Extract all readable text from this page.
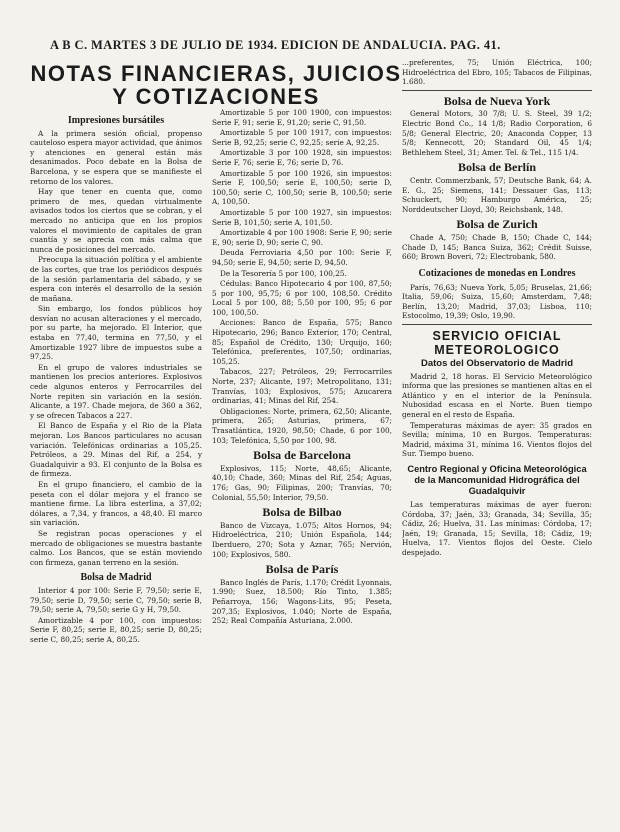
A B C. MARTES 3 DE JULIO DE 1934. EDICION DE ANDALUCIA. PAG. 41.
NOTAS FINANCIERAS, JUICIOS Y COTIZACIONES
Impresiones bursátiles

A la primera sesión oficial, propenso cauteloso espera mayor actividad, que ánimos y atenciones en general están más desanimados. Poco debate en la Bolsa de Barcelona, y se espera que se manifieste el retorno de los valores.

Hay que tener en cuenta que, como primero de mes, quedan virtualmente avisados todos los ciertos que se cobran, y el mercado no anticipa que en los propios valores el movimiento de capitales de gran cuantía y se aprecia con más calma que nunca de posiciones del mercado.

Preocupa la situación política y el ambiente de las cortes, que trae los periódicos después de la sesión parlamentaria del sábado, y se espera con interés el desarrollo de la sesión de mañana.

Sin embargo, los fondos públicos hoy desvían no acusan alteraciones y el mercado, por su parte, ha mejorado. El Interior, que estaba en 77,40, termina en 77,50, y el Amortizable 1927 libre de impuestos sube a 97,25.

En el grupo de valores industriales se mantienen los precios anteriores. Explosivos cede algunos enteros y Ferrocarriles del Norte repiten sin variación en la sesión. Alicante, a 197. Chade mejora, de 360 a 362, y se ofrecen Tabacos a 227.

El Banco de España y el Rio de la Plata mejoran. Los Bancos particulares no acusan variación. Telefónicas ordinarias a 105,25. Petróleos, a 29. Minas del Rif, a 254, y Guadalquivir a 93. El conjunto de la Bolsa es de firmeza.

En el grupo financiero, el cambio de la peseta con el dólar mejora y el franco se mantiene firme. La libra esterlina, a 37,02; dólares, a 7,34, y francos, a 48,40. El marco sin variación.

Se registran pocas operaciones y el mercado de obligaciones se muestra bastante calmo. Los Bancos, que se están moviendo con firmeza, ganan terreno en la sesión.

Bolsa de Madrid

Interior 4 por 100: Serie F, 79,50; serie E, 79,50; serie D, 79,50; serie C, 79,50; serie B, 79,50; serie A, 79,50; serie G y H, 79,50.

Amortizable 4 por 100, con impuestos: Serie F, 80,25; serie E, 80,25; serie D, 80,25; serie C, 80,25; serie A, 80,25.

Amortizable 5 por 100 1900, con impuestos: Serie F, 91; serie E, 91,20; serie C, 91,50.

Amortizable 5 por 100 1917, con impuestos: Serie B, 92,25; serie C, 92,25; serie A, 92,25.

Amortizable 3 por 100 1928, sin impuestos: Serie F, 76; serie E, 76; serie D, 76.

Amortizable 5 por 100 1926, sin impuestos: Serie F, 100,50; serie E, 100,50; serie D, 100,50; serie C, 100,50; serie B, 100,50; serie A, 100,50.

Amortizable 5 por 100 1927, sin impuestos: Serie B, 101,50; serie A, 101,50.

Amortizable 4 por 100 1908: Serie F, 90; serie E, 90; serie D, 90; serie C, 90.

Deuda Ferroviaria 4,50 por 100: Serie F, 94,50; serie E, 94,50; serie D, 94,50.

De la Tesorería 5 por 100, 100,25.

Cédulas: Banco Hipotecario 4 por 100, 87,50; 5 por 100, 95,75; 6 por 100, 108,50. Crédito Local 5 por 100, 88; 5,50 por 100, 95; 6 por 100, 100,50.

Acciones: Banco de España, 575; Banco Hipotecario, 296; Banco Exterior, 170; Central, 85; Español de Crédito, 130; Urquijo, 160; Telefónica, preferentes, 107,50; ordinarias, 105,25.

Tabacos, 227; Petróleos, 29; Ferrocarriles Norte, 237; Alicante, 197; Metropolitano, 131; Tranvías, 103; Explosivos, 575; Azucarera ordinarias, 41; Minas del Rif, 254.

Obligaciones: Norte, primera, 62,50; Alicante, primera, 265; Asturias, primera, 67; Trasatlántica, 1920, 98,50; Chade, 6 por 100, 103; Telefónica, 5,50 por 100, 98.

Bolsa de Barcelona

Explosivos, 115; Norte, 48,65; Alicante, 40,10; Chade, 360; Minas del Rif, 254; Aguas, 176; Gas, 90; Filipinas, 200; Tranvías, 70; Colonial, 55,50; Interior, 79,50.

Bolsa de Bilbao

Banco de Vizcaya, 1.075; Altos Hornos, 94; Hidroeléctrica, 210; Unión Española, 144; Iberduero, 270; Sota y Aznar, 765; Nervión, 100; Explosivos, 580.

Bolsa de París

Banco Inglés de París, 1.170; Crédit Lyonnais, 1.990; Suez, 18.500; Río Tinto, 1.385; Peñarroya, 156; Wagons-Lits, 95; Peseta, 207,35; Explosivos, 1.040; Norte de España, 252; Real Compañía Asturiana, 2.000.

...preferentes, 75; Unión Eléctrica, 100; Hidroeléctrica del Ebro, 105; Tabacos de Filipinas, 1.680.

Bolsa de Nueva York

General Motors, 30 7/8; U. S. Steel, 39 1/2; Electric Bond Co., 14 1/8; Radio Corporation, 6 5/8; General Electric, 20; Anaconda Copper, 13 5/8; Kennecott, 20; Standard Oil, 45 1/4; Bethlehem Steel, 31; Amer. Tel. & Tel., 115 1/4.

Bolsa de Berlín

Centr. Commerzbank, 57; Deutsche Bank, 64; A. E. G., 25; Siemens, 141; Dessauer Gas, 113; Schuckert, 90; Hamburgo América, 25; Norddeutscher Lloyd, 30; Reichsbank, 148.

Bolsa de Zurich

Chade A, 750; Chade B, 150; Chade C, 144; Chade D, 145; Banca Suiza, 362; Crédit Suisse, 660; Brown Boveri, 72; Electrobank, 580.

Cotizaciones de monedas en Londres

París, 76,63; Nueva York, 5,05; Bruselas, 21,66; Italia, 59,06; Suiza, 15,60; Amsterdam, 7,48; Berlín, 13,20; Madrid, 37,03; Lisboa, 110; Estocolmo, 19,39; Oslo, 19,90.

SERVICIO OFICIAL METEOROLOGICO
Datos del Observatorio de Madrid

Madrid 2, 18 horas. El Servicio Meteorológico informa que las presiones se mantienen altas en el Atlántico y en el interior de la Península. Nubosidad escasa en el Norte. Buen tiempo general en el resto de España.

Temperaturas máximas de ayer: 35 grados en Sevilla; mínima, 10 en Burgos. Temperaturas: Madrid, máxima 31, mínima 16. Vientos flojos del Sur. Tiempo bueno.

Centro Regional y Oficina Meteorológica de la Mancomunidad Hidrográfica del Guadalquivir

Las temperaturas máximas de ayer fueron: Córdoba, 37; Jaén, 33; Granada, 34; Sevilla, 35; Cádiz, 26; Huelva, 31. Las mínimas: Córdoba, 17; Jaén, 19; Granada, 15; Sevilla, 18; Cádiz, 19; Huelva, 17. Vientos flojos del Oeste. Cielo despejado.
